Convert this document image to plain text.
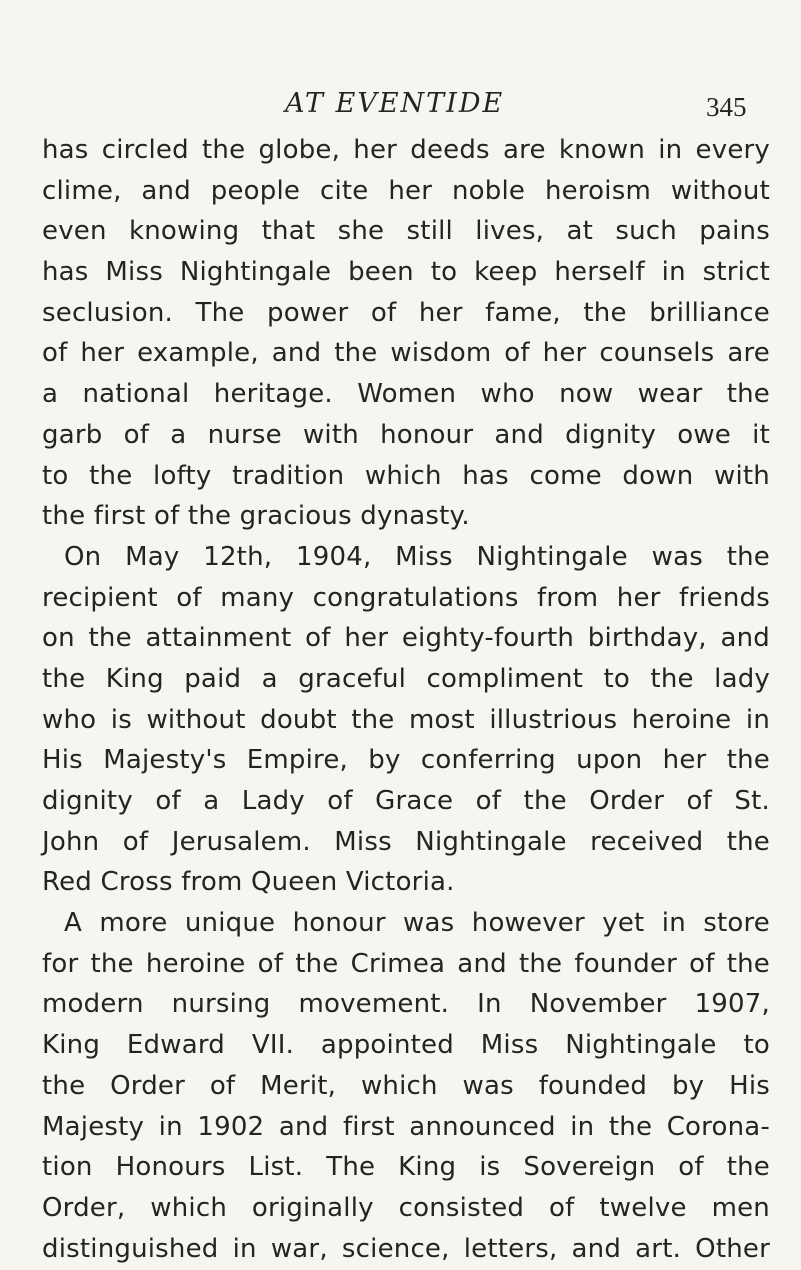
AT EVENTIDE	345
has circled the globe, her deeds are known in every
clime, and people cite her noble heroism without
even knowing that she still lives, at such pains
has Miss Nightingale been to keep herself in strict
seclusion. The power of her fame, the brilliance
of her example, and the wisdom of her counsels are
a national heritage. Women who now wear the
garb of a nurse with honour and dignity owe it
to the lofty tradition which has come down with
the first of the gracious dynasty.
On May 12th, 1904, Miss Nightingale was the
recipient of many congratulations from her friends
on the attainment of her eighty-fourth birthday, and
the King paid a graceful compliment to the lady
who is without doubt the most illustrious heroine in
His Majesty's Empire, by conferring upon her the
dignity of a Lady of Grace of the Order of St.
John of Jerusalem. Miss Nightingale received the
Red Cross from Queen Victoria.
A more unique honour was however yet in store
for the heroine of the Crimea and the founder of the
modern nursing movement. In November 1907,
King Edward VII. appointed Miss Nightingale to
the Order of Merit, which was founded by His
Majesty in 1902 and first announced in the Corona-
tion Honours List. The King is Sovereign of the
Order, which originally consisted of twelve men
distinguished in war, science, letters, and art. Other
